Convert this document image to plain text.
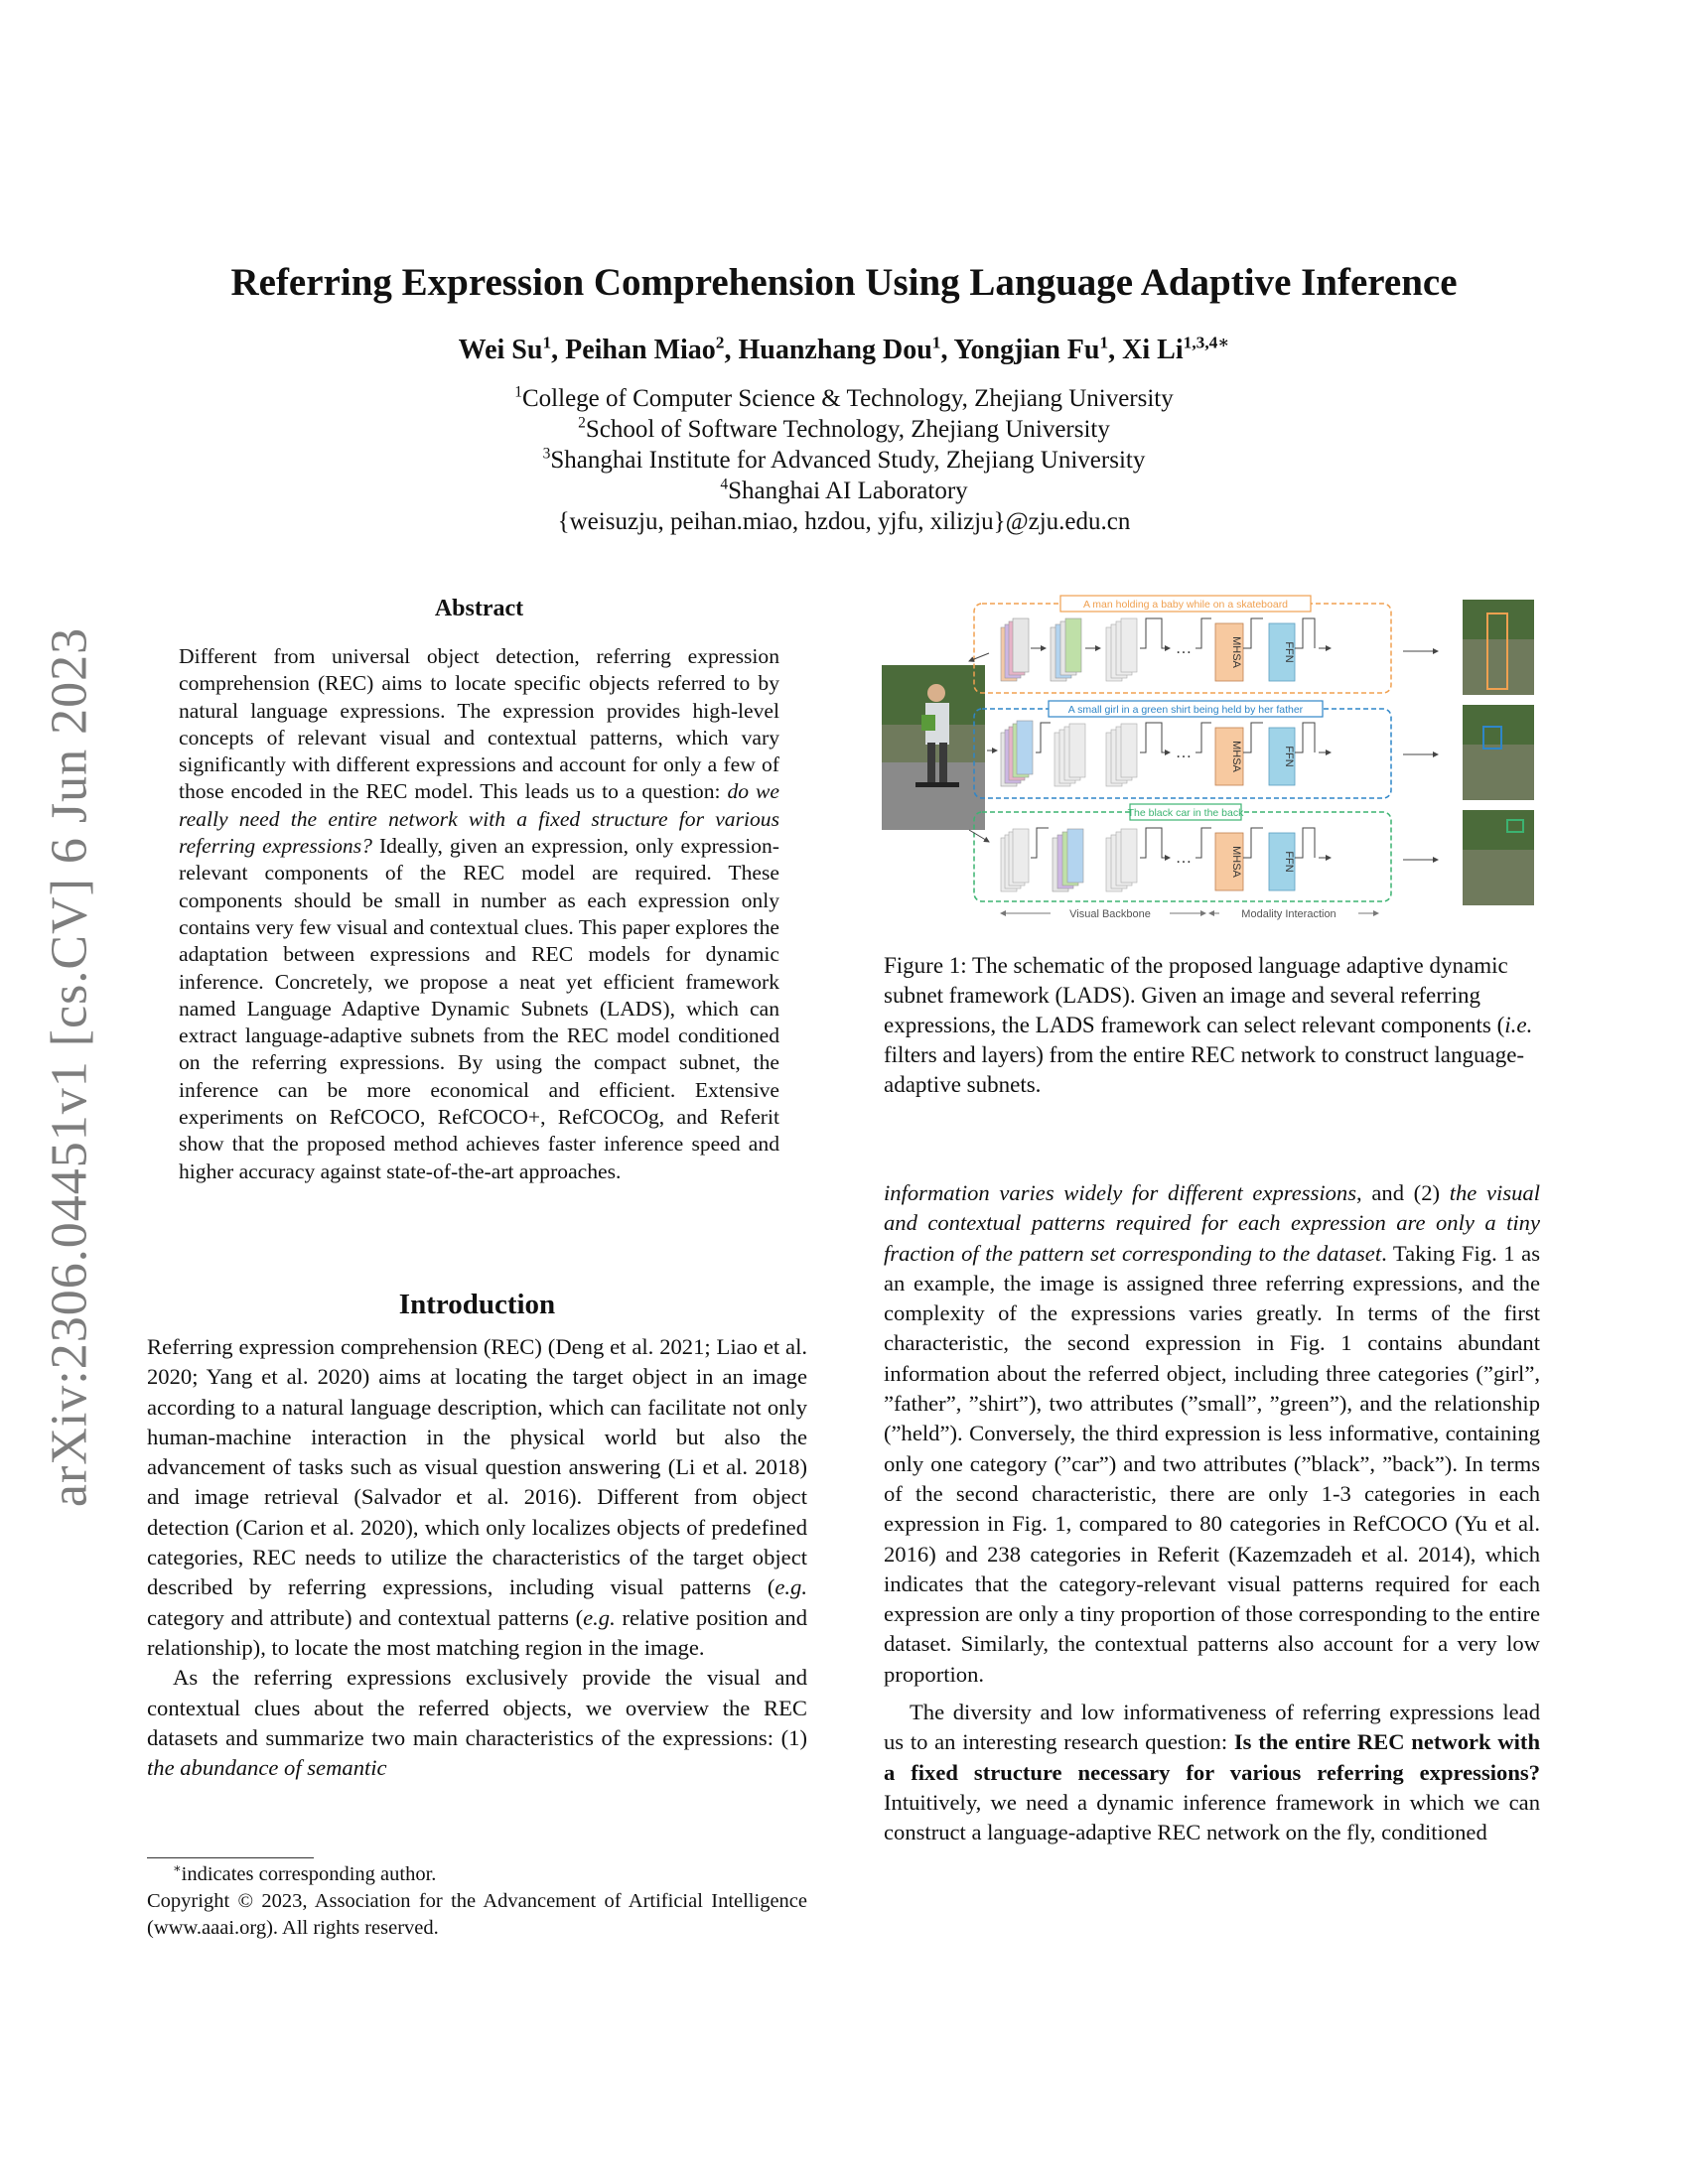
arXiv:2306.04451v1 [cs.CV] 6 Jun 2023
Referring Expression Comprehension Using Language Adaptive Inference
Wei Su$^1$, Peihan Miao$^2$, Huanzhang Dou$^1$, Yongjian Fu$^1$, Xi $Li^{1,3,4∗}$
$^1$College of Computer Science & Technology, Zhejiang University
$^2$School of Software Technology, Zhejiang University
$^3$Shanghai Institute for Advanced Study, Zhejiang University
$^4$Shanghai AI Laboratory
{weisuzju, peihan.miao, hzdou, yjfu, xilizju}@zju.edu.cn
Abstract

Different from universal object detection, referring expression comprehension (REC) aims to locate specific objects referred to by natural language expressions. The expression provides high-level concepts of relevant visual and contextual patterns, which vary significantly with different expressions and account for only a few of those encoded in the REC model. This leads us to a question: do we really need the entire network with a fixed structure for various referring expressions? Ideally, given an expression, only expression-relevant components of the REC model are required. These components should be small in number as each expression only contains very few visual and contextual clues. This paper explores the adaptation between expressions and REC models for dynamic inference. Concretely, we propose a neat yet efficient framework named Language Adaptive Dynamic Subnets (LADS), which can extract language-adaptive subnets from the REC model conditioned on the referring expressions. By using the compact subnet, the inference can be more economical and efficient. Extensive experiments on RefCOCO, RefCOCO+, RefCOCOg, and Referit show that the proposed method achieves faster inference speed and higher accuracy against state-of-the-art approaches.

Introduction

Referring expression comprehension (REC) (Deng et al. 2021; Liao et al. 2020; Yang et al. 2020) aims at locating the target object in an image according to a natural language description, which can facilitate not only human-machine interaction in the physical world but also the advancement of tasks such as visual question answering (Li et al. 2018) and image retrieval (Salvador et al. 2016). Different from object detection (Carion et al. 2020), which only localizes objects of predefined categories, REC needs to utilize the characteristics of the target object described by referring expressions, including visual patterns (e.g. category and attribute) and contextual patterns (e.g. relative position and relationship), to locate the most matching region in the image.

As the referring expressions exclusively provide the visual and contextual clues about the referred objects, we overview the REC datasets and summarize two main characteristics of the expressions: (1) the abundance of semantic

∗indicates corresponding author.
Copyright © 2023, Association for the Advancement of Artificial Intelligence (www.aaai.org). All rights reserved.
A man holding a baby while on a skateboard
…	MHSA	FFN
A small girl in a green shirt being held by her father
…	MHSA	FFN
The black car in the back
…	MHSA	FFN
Visual Backbone	Modality Interaction
Figure 1: The schematic of the proposed language adaptive dynamic subnet framework (LADS). Given an image and several referring expressions, the LADS framework can select relevant components (i.e. filters and layers) from the entire REC network to construct language-adaptive subnets.

information varies widely for different expressions, and (2) the visual and contextual patterns required for each expression are only a tiny fraction of the pattern set corresponding to the dataset. Taking Fig. 1 as an example, the image is assigned three referring expressions, and the complexity of the expressions varies greatly. In terms of the first characteristic, the second expression in Fig. 1 contains abundant information about the referred object, including three categories (”girl”, ”father”, ”shirt”), two attributes (”small”, ”green”), and the relationship (”held”). Conversely, the third expression is less informative, containing only one category (”car”) and two attributes (”black”, ”back”). In terms of the second characteristic, there are only 1-3 categories in each expression in Fig. 1, compared to 80 categories in RefCOCO (Yu et al. 2016) and 238 categories in Referit (Kazemzadeh et al. 2014), which indicates that the category-relevant visual patterns required for each expression are only a tiny proportion of those corresponding to the entire dataset. Similarly, the contextual patterns also account for a very low proportion.

The diversity and low informativeness of referring expressions lead us to an interesting research question: Is the entire REC network with a fixed structure necessary for various referring expressions? Intuitively, we need a dynamic inference framework in which we can construct a language-adaptive REC network on the fly, conditioned
